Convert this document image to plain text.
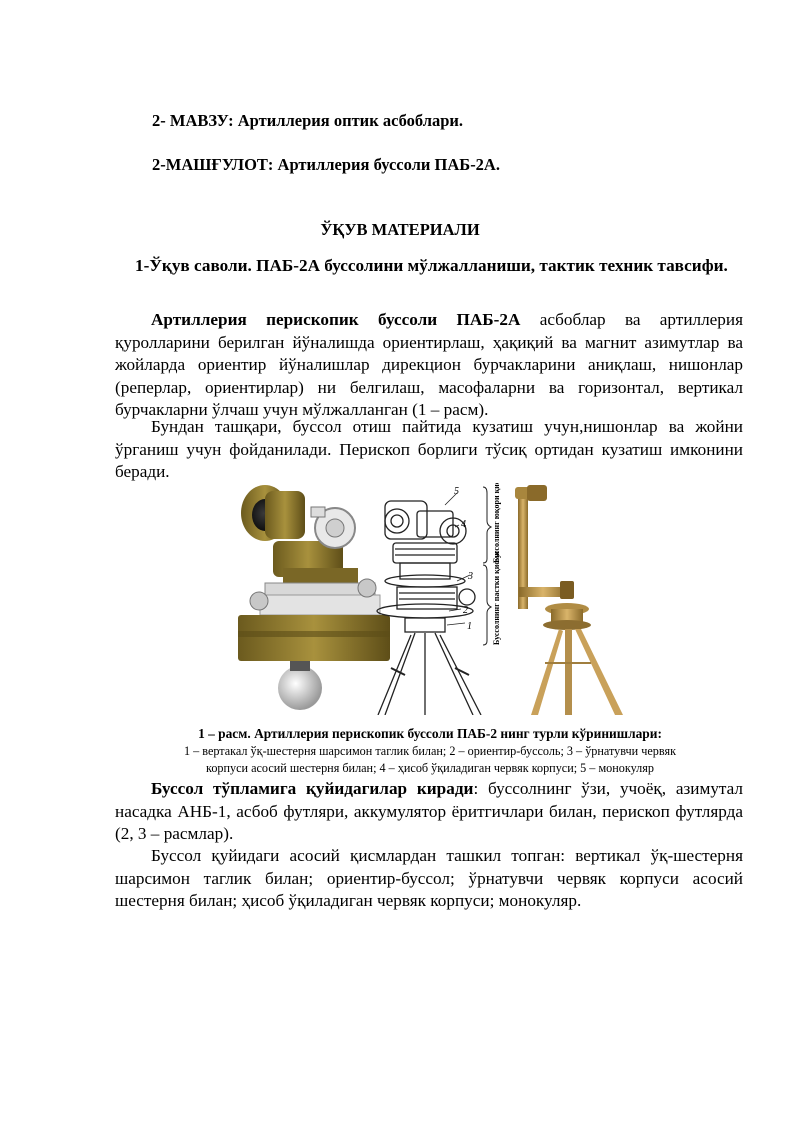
2- МАВЗУ: Артиллерия оптик асбоблари.
2-МАШҒУЛОТ: Артиллерия буссоли ПАБ-2А.
ЎҚУВ МАТЕРИАЛИ
1-Ўқув саволи. ПАБ-2А буссолини мўлжалланиши, тактик техник тавсифи.
Артиллерия перископик буссоли ПАБ-2А асбоблар ва артиллерия қуролларини берилган йўналишда ориентирлаш, ҳақиқий ва магнит азимутлар ва жойларда ориентир йўналишлар дирекцион бурчакларини аниқлаш, нишонлар (реперлар, ориентирлар) ни белгилаш, масофаларни ва горизонтал, вертикал бурчакларни ўлчаш учун мўлжалланган (1 – расм).
Бундан ташқари, буссол отиш пайтида кузатиш учун,нишонлар ва жойни ўрганиш учун фойданилади. Перископ борлиги тўсиқ ортидан кузатиш имконини беради.
5
4
3
2
1
Буссолнинг юқори қисми
Буссолнинг пастки қисми
1 – расм. Артиллерия перископик буссоли ПАБ-2 нинг турли кўринишлари:
1 – вертакал ўқ-шестерня шарсимон таглик билан; 2 – ориентир-буссоль; 3 – ўрнатувчи червяк
корпуси асосий шестерня билан; 4 – ҳисоб ўқиладиган червяк корпуси; 5 – монокуляр
Буссол тўпламига қуйидагилар киради: буссолнинг ўзи, учоёқ, азимутал насадка АНБ-1, асбоб футляри, аккумулятор ёритгичлари билан, перископ футлярда (2, 3 – расмлар).
Буссол қуйидаги асосий қисмлардан ташкил топган: вертикал ўқ-шестерня шарсимон таглик билан; ориентир-буссол; ўрнатувчи червяк корпуси асосий шестерня билан; ҳисоб ўқиладиган червяк корпуси; монокуляр.
